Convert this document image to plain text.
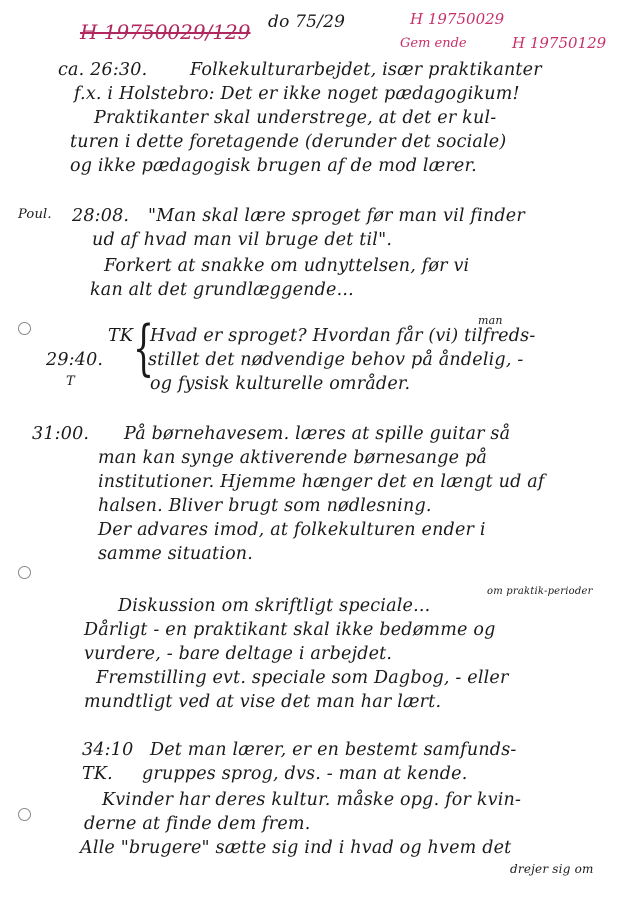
H 19750029/129 do 75/29	H 19750029
Gem ende	H 19750129
ca. 26:30. Folkekulturarbejdet, især praktikanter
f.x. i Holstebro: Det er ikke noget pædagogikum!
Praktikanter skal understrege, at det er kul-
turen i dette foretagende (derunder det sociale)
og ikke pædagogisk brugen af de mod lærer.
Poul. 28:08. "Man skal lære sproget før man vil finder
ud af hvad man vil bruge det til".
Forkert at snakke om udnyttelsen, før vi
kan alt det grundlæggende...
TK {	man
Hvad er sproget? Hvordan får (vi) tilfreds-
29:40.	stillet det nødvendige behov på åndelig, -
T	og fysisk kulturelle områder.
31:00. På børnehavesem. læres at spille guitar så
man kan synge aktiverende børnesange på
institutioner. Hjemme hænger det en længt ud af
halsen. Bliver brugt som nødlesning.
Der advares imod, at folkekulturen ender i
samme situation.
om praktik-perioder
Diskussion om skriftligt speciale...
Dårligt - en praktikant skal ikke bedømme og
vurdere, - bare deltage i arbejdet.
Fremstilling evt. speciale som Dagbog, - eller
mundtligt ved at vise det man har lært.
34:10 Det man lærer, er en bestemt samfunds-
TK. gruppes sprog, dvs. - man at kende.
Kvinder har deres kultur. måske opg. for kvin-
derne at finde dem frem.
Alle "brugere" sætte sig ind i hvad og hvem det
drejer sig om
